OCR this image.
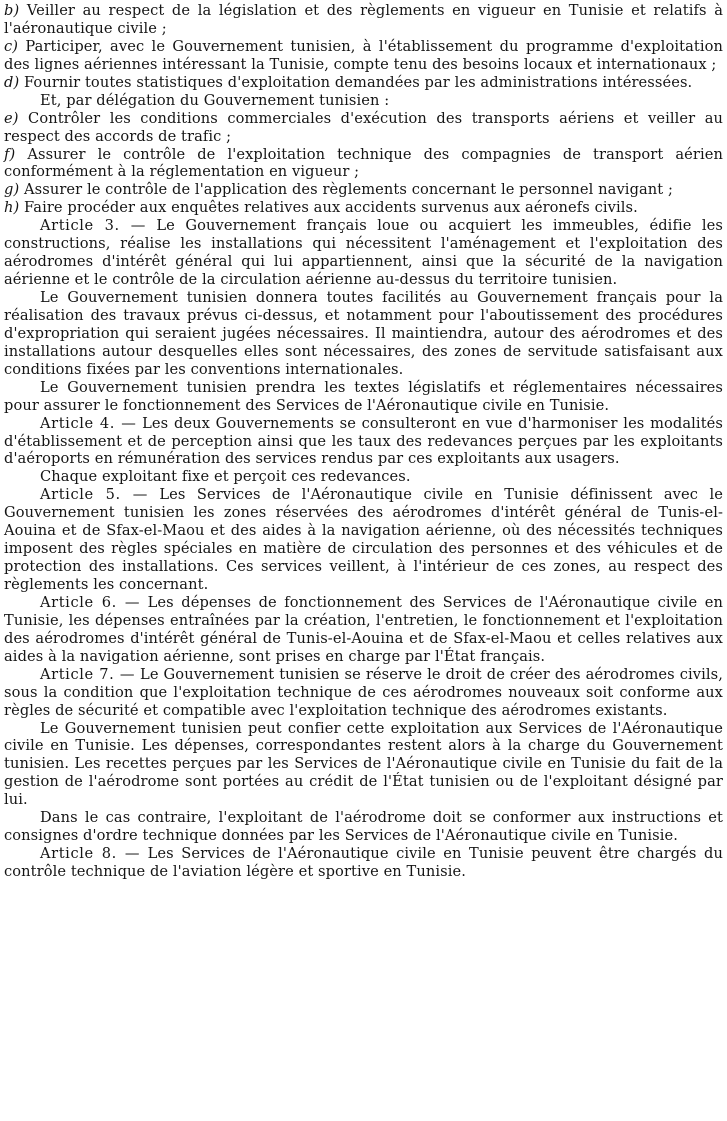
b) Veiller au respect de la législation et des règlements en vigueur en Tunisie et relatifs à l'aéronautique civile ;

c) Participer, avec le Gouvernement tunisien, à l'établissement du programme d'exploitation des lignes aériennes intéressant la Tunisie, compte tenu des besoins locaux et internationaux ;

d) Fournir toutes statistiques d'exploitation demandées par les administrations intéressées.

Et, par délégation du Gouvernement tunisien :

e) Contrôler les conditions commerciales d'exécution des transports aériens et veiller au respect des accords de trafic ;

f) Assurer le contrôle de l'exploitation technique des compagnies de transport aérien conformément à la réglementation en vigueur ;

g) Assurer le contrôle de l'application des règlements concernant le personnel navigant ;

h) Faire procéder aux enquêtes relatives aux accidents survenus aux aéronefs civils.

Article 3. — Le Gouvernement français loue ou acquiert les immeubles, édifie les constructions, réalise les installations qui nécessitent l'aménagement et l'exploitation des aérodromes d'intérêt général qui lui appartiennent, ainsi que la sécurité de la navigation aérienne et le contrôle de la circulation aérienne au-dessus du territoire tunisien.

Le Gouvernement tunisien donnera toutes facilités au Gouvernement français pour la réalisation des travaux prévus ci-dessus, et notamment pour l'aboutissement des procédures d'expropriation qui seraient jugées nécessaires. Il maintiendra, autour des aérodromes et des installations autour desquelles elles sont nécessaires, des zones de servitude satisfaisant aux conditions fixées par les conventions internationales.

Le Gouvernement tunisien prendra les textes législatifs et réglementaires nécessaires pour assurer le fonctionnement des Services de l'Aéronautique civile en Tunisie.

Article 4. — Les deux Gouvernements se consulteront en vue d'harmoniser les modalités d'établissement et de perception ainsi que les taux des redevances perçues par les exploitants d'aéroports en rémunération des services rendus par ces exploitants aux usagers.

Chaque exploitant fixe et perçoit ces redevances.

Article 5. — Les Services de l'Aéronautique civile en Tunisie définissent avec le Gouvernement tunisien les zones réservées des aérodromes d'intérêt général de Tunis-el-Aouina et de Sfax-el-Maou et des aides à la navigation aérienne, où des nécessités techniques imposent des règles spéciales en matière de circulation des personnes et des véhicules et de protection des installations. Ces services veillent, à l'intérieur de ces zones, au respect des règlements les concernant.

Article 6. — Les dépenses de fonctionnement des Services de l'Aéronautique civile en Tunisie, les dépenses entraînées par la création, l'entretien, le fonctionnement et l'exploitation des aérodromes d'intérêt général de Tunis-el-Aouina et de Sfax-el-Maou et celles relatives aux aides à la navigation aérienne, sont prises en charge par l'État français.

Article 7. — Le Gouvernement tunisien se réserve le droit de créer des aérodromes civils, sous la condition que l'exploitation technique de ces aérodromes nouveaux soit conforme aux règles de sécurité et compatible avec l'exploitation technique des aérodromes existants.

Le Gouvernement tunisien peut confier cette exploitation aux Services de l'Aéronautique civile en Tunisie. Les dépenses, correspondantes restent alors à la charge du Gouvernement tunisien. Les recettes perçues par les Services de l'Aéronautique civile en Tunisie du fait de la gestion de l'aérodrome sont portées au crédit de l'État tunisien ou de l'exploitant désigné par lui.

Dans le cas contraire, l'exploitant de l'aérodrome doit se conformer aux instructions et consignes d'ordre technique données par les Services de l'Aéronautique civile en Tunisie.

Article 8. — Les Services de l'Aéronautique civile en Tunisie peuvent être chargés du contrôle technique de l'aviation légère et sportive en Tunisie.
